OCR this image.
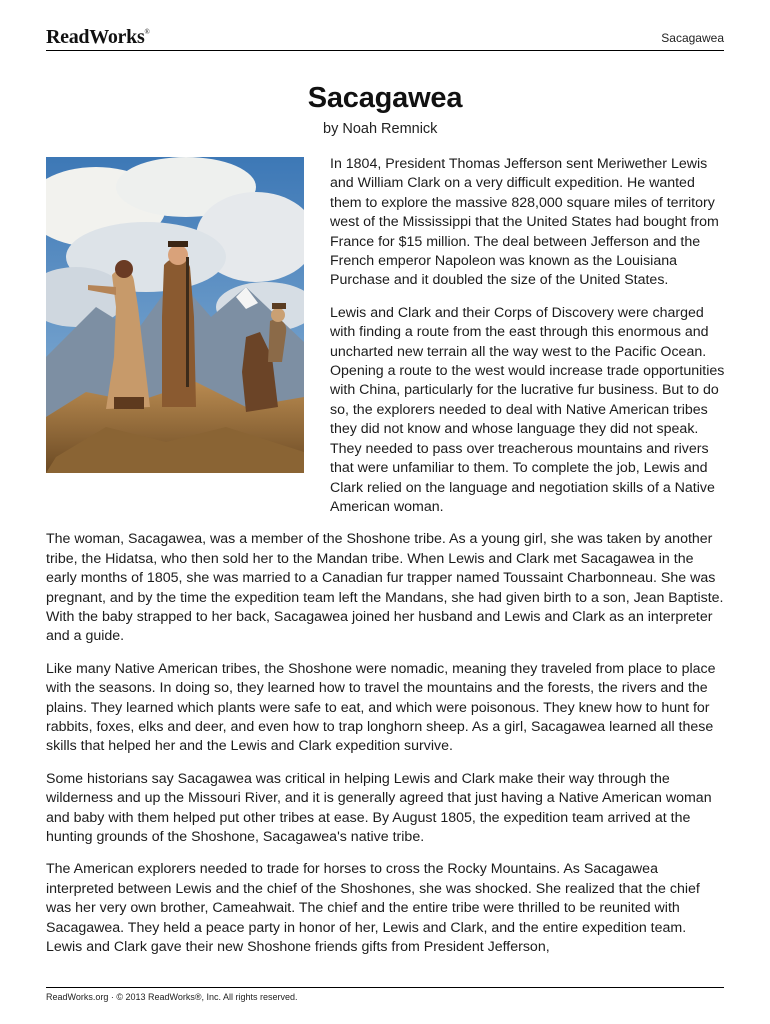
ReadWorks®	Sacagawea
Sacagawea
by Noah Remnick

In 1804, President Thomas Jefferson sent Meriwether Lewis and William Clark on a very difficult expedition. He wanted them to explore the massive 828,000 square miles of territory west of the Mississippi that the United States had bought from France for $15 million. The deal between Jefferson and the French emperor Napoleon was known as the Louisiana Purchase and it doubled the size of the United States.

Lewis and Clark and their Corps of Discovery were charged with finding a route from the east through this enormous and uncharted new terrain all the way west to the Pacific Ocean. Opening a route to the west would increase trade opportunities with China, particularly for the lucrative fur business. But to do so, the explorers needed to deal with Native American tribes they did not know and whose language they did not speak. They needed to pass over treacherous mountains and rivers that were unfamiliar to them. To complete the job, Lewis and Clark relied on the language and negotiation skills of a Native American woman.

The woman, Sacagawea, was a member of the Shoshone tribe. As a young girl, she was taken by another tribe, the Hidatsa, who then sold her to the Mandan tribe. When Lewis and Clark met Sacagawea in the early months of 1805, she was married to a Canadian fur trapper named Toussaint Charbonneau. She was pregnant, and by the time the expedition team left the Mandans, she had given birth to a son, Jean Baptiste. With the baby strapped to her back, Sacagawea joined her husband and Lewis and Clark as an interpreter and a guide.

Like many Native American tribes, the Shoshone were nomadic, meaning they traveled from place to place with the seasons. In doing so, they learned how to travel the mountains and the forests, the rivers and the plains. They learned which plants were safe to eat, and which were poisonous. They knew how to hunt for rabbits, foxes, elks and deer, and even how to trap longhorn sheep. As a girl, Sacagawea learned all these skills that helped her and the Lewis and Clark expedition survive.

Some historians say Sacagawea was critical in helping Lewis and Clark make their way through the wilderness and up the Missouri River, and it is generally agreed that just having a Native American woman and baby with them helped put other tribes at ease. By August 1805, the expedition team arrived at the hunting grounds of the Shoshone, Sacagawea's native tribe.

The American explorers needed to trade for horses to cross the Rocky Mountains. As Sacagawea interpreted between Lewis and the chief of the Shoshones, she was shocked. She realized that the chief was her very own brother, Cameahwait. The chief and the entire tribe were thrilled to be reunited with Sacagawea. They held a peace party in honor of her, Lewis and Clark, and the entire expedition team. Lewis and Clark gave their new Shoshone friends gifts from President Jefferson,

ReadWorks.org · © 2013 ReadWorks®, Inc. All rights reserved.
